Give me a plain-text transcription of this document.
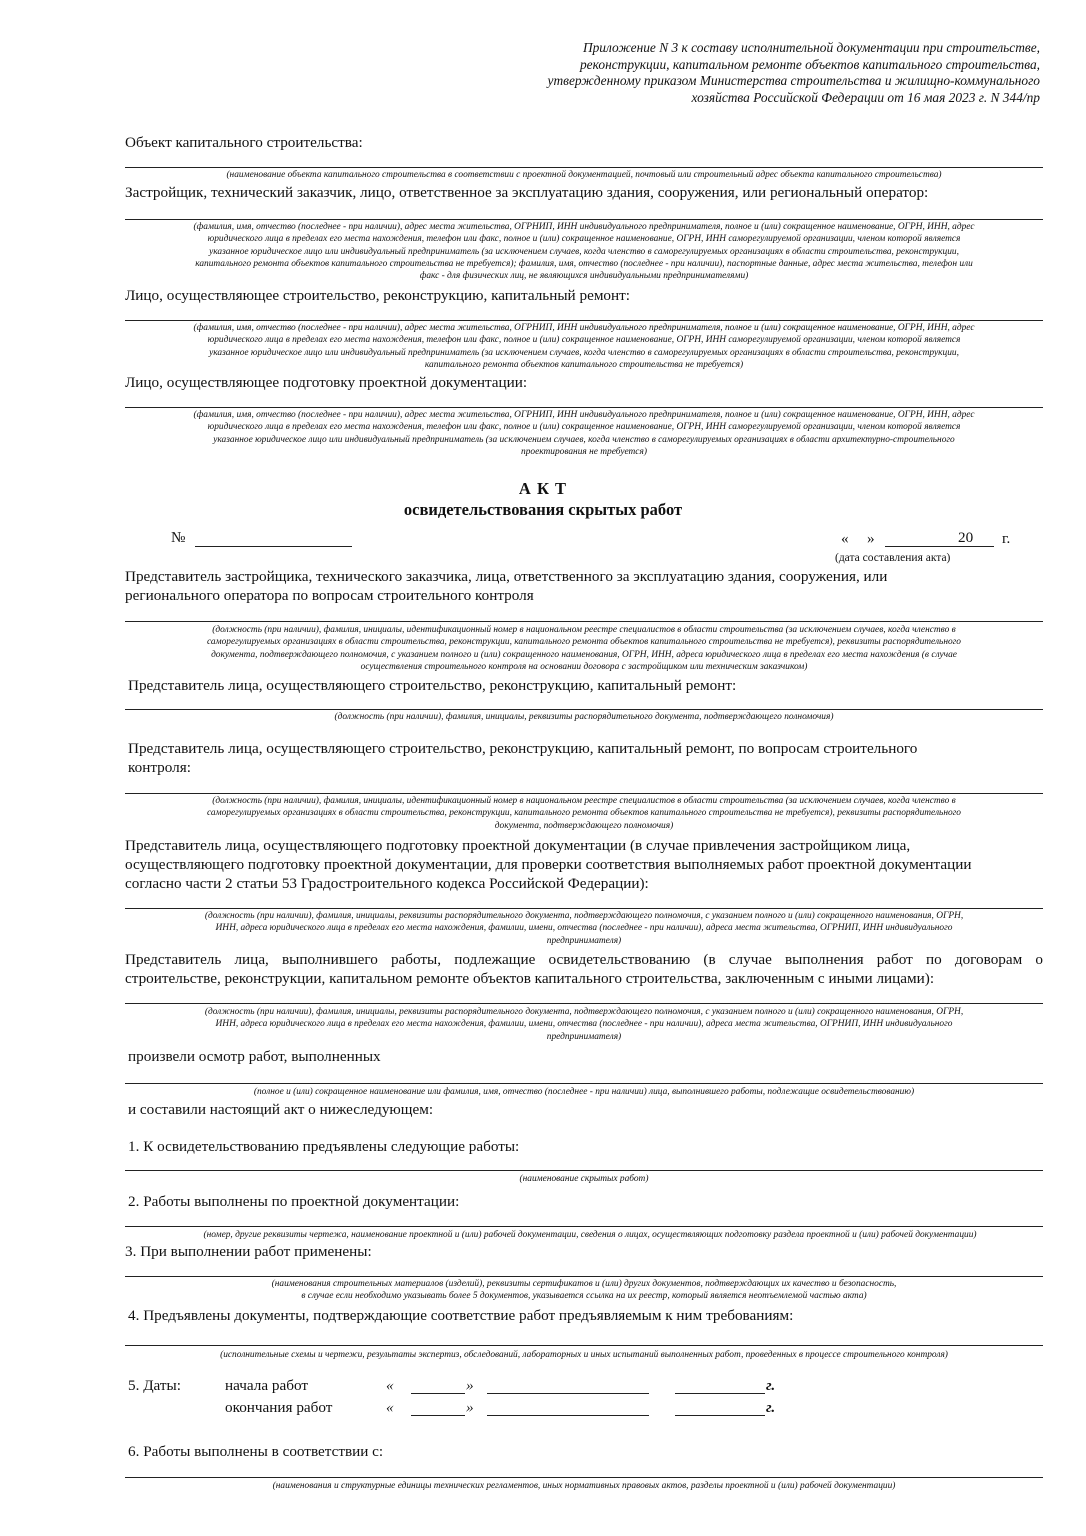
Приложение N 3 к составу исполнительной документации при строительстве,
реконструкции, капитальном ремонте объектов капитального строительства,
утвержденному приказом Министерства строительства и жилищно-коммунального
хозяйства Российской Федерации от 16 мая 2023 г. N 344/пр
Объект капитального строительства:
(наименование объекта капитального строительства в соответствии с проектной документацией, почтовый или строительный адрес объекта капитального строительства)
Застройщик, технический заказчик, лицо, ответственное за эксплуатацию здания, сооружения, или региональный оператор:
(фамилия, имя, отчество (последнее - при наличии), адрес места жительства, ОГРНИП, ИНН индивидуального предпринимателя, полное и (или) сокращенное наименование, ОГРН, ИНН, адрес
юридического лица в пределах его места нахождения, телефон или факс, полное и (или) сокращенное наименование, ОГРН, ИНН саморегулируемой организации, членом которой является
указанное юридическое лицо или индивидуальный предприниматель (за исключением случаев, когда членство в саморегулируемых организациях в области строительства, реконструкции,
капитального ремонта объектов капитального строительства не требуется); фамилия, имя, отчество (последнее - при наличии), паспортные данные, адрес места жительства, телефон или
факс - для физических лиц, не являющихся индивидуальными предпринимателями)
Лицо, осуществляющее строительство, реконструкцию, капитальный ремонт:
(фамилия, имя, отчество (последнее - при наличии), адрес места жительства, ОГРНИП, ИНН индивидуального предпринимателя, полное и (или) сокращенное наименование, ОГРН, ИНН, адрес
юридического лица в пределах его места нахождения, телефон или факс, полное и (или) сокращенное наименование, ОГРН, ИНН саморегулируемой организации, членом которой является
указанное юридическое лицо или индивидуальный предприниматель (за исключением случаев, когда членство в саморегулируемых организациях в области строительства, реконструкции,
капитального ремонта объектов капитального строительства не требуется)
Лицо, осуществляющее подготовку проектной документации:
(фамилия, имя, отчество (последнее - при наличии), адрес места жительства, ОГРНИП, ИНН индивидуального предпринимателя, полное и (или) сокращенное наименование, ОГРН, ИНН, адрес
юридического лица в пределах его места нахождения, телефон или факс, полное и (или) сокращенное наименование, ОГРН, ИНН саморегулируемой организации, членом которой является
указанное юридическое лицо или индивидуальный предприниматель (за исключением случаев, когда членство в саморегулируемых организациях в области архитектурно-строительного
проектирования не требуется)
А К Т
освидетельствования скрытых работ
№	« »	20 г.
(дата составления акта)
Представитель застройщика, технического заказчика, лица, ответственного за эксплуатацию здания, сооружения, или
регионального оператора по вопросам строительного контроля
(должность (при наличии), фамилия, инициалы, идентификационный номер в национальном реестре специалистов в области строительства (за исключением случаев, когда членство в
саморегулируемых организациях в области строительства, реконструкции, капитального ремонта объектов капитального строительства не требуется), реквизиты распорядительного
документа, подтверждающего полномочия, с указанием полного и (или) сокращенного наименования, ОГРН, ИНН, адреса юридического лица в пределах его места нахождения (в случае
осуществления строительного контроля на основании договора с застройщиком или техническим заказчиком)
Представитель лица, осуществляющего строительство, реконструкцию, капитальный ремонт:
(должность (при наличии), фамилия, инициалы, реквизиты распорядительного документа, подтверждающего полномочия)
Представитель лица, осуществляющего строительство, реконструкцию, капитальный ремонт, по вопросам строительного
контроля:
(должность (при наличии), фамилия, инициалы, идентификационный номер в национальном реестре специалистов в области строительства (за исключением случаев, когда членство в
саморегулируемых организациях в области строительства, реконструкции, капитального ремонта объектов капитального строительства не требуется), реквизиты распорядительного
документа, подтверждающего полномочия)
Представитель лица, осуществляющего подготовку проектной документации (в случае привлечения застройщиком лица,
осуществляющего подготовку проектной документации, для проверки соответствия выполняемых работ проектной документации
согласно части 2 статьи 53 Градостроительного кодекса Российской Федерации):
(должность (при наличии), фамилия, инициалы, реквизиты распорядительного документа, подтверждающего полномочия, с указанием полного и (или) сокращенного наименования, ОГРН,
ИНН, адреса юридического лица в пределах его места нахождения, фамилии, имени, отчества (последнее - при наличии), адреса места жительства, ОГРНИП, ИНН индивидуального
предпринимателя)
Представитель лица, выполнившего работы, подлежащие освидетельствованию (в случае выполнения работ по договорам о
строительстве, реконструкции, капитальном ремонте объектов капитального строительства, заключенным с иными лицами):
(должность (при наличии), фамилия, инициалы, реквизиты распорядительного документа, подтверждающего полномочия, с указанием полного и (или) сокращенного наименования, ОГРН,
ИНН, адреса юридического лица в пределах его места нахождения, фамилии, имени, отчества (последнее - при наличии), адреса места жительства, ОГРНИП, ИНН индивидуального
предпринимателя)
произвели осмотр работ, выполненных
(полное и (или) сокращенное наименование или фамилия, имя, отчество (последнее - при наличии) лица, выполнившего работы, подлежащие освидетельствованию)
и составили настоящий акт о нижеследующем:
1. К освидетельствованию предъявлены следующие работы:
(наименование скрытых работ)
2. Работы выполнены по проектной документации:
(номер, другие реквизиты чертежа, наименование проектной и (или) рабочей документации, сведения о лицах, осуществляющих подготовку раздела проектной и (или) рабочей документации)
3. При выполнении работ применены:
(наименования строительных материалов (изделий), реквизиты сертификатов и (или) других документов, подтверждающих их качество и безопасность,
в случае если необходимо указывать более 5 документов, указывается ссылка на их реестр, который является неотъемлемой частью акта)
4. Предъявлены документы, подтверждающие соответствие работ предъявляемым к ним требованиям:
(исполнительные схемы и чертежи, результаты экспертиз, обследований, лабораторных и иных испытаний выполненных работ, проведенных в процессе строительного контроля)
5. Даты:	начала работ	«	»	г.
окончания работ	«	»	г.
6. Работы выполнены в соответствии с:
(наименования и структурные единицы технических регламентов, иных нормативных правовых актов, разделы проектной и (или) рабочей документации)
